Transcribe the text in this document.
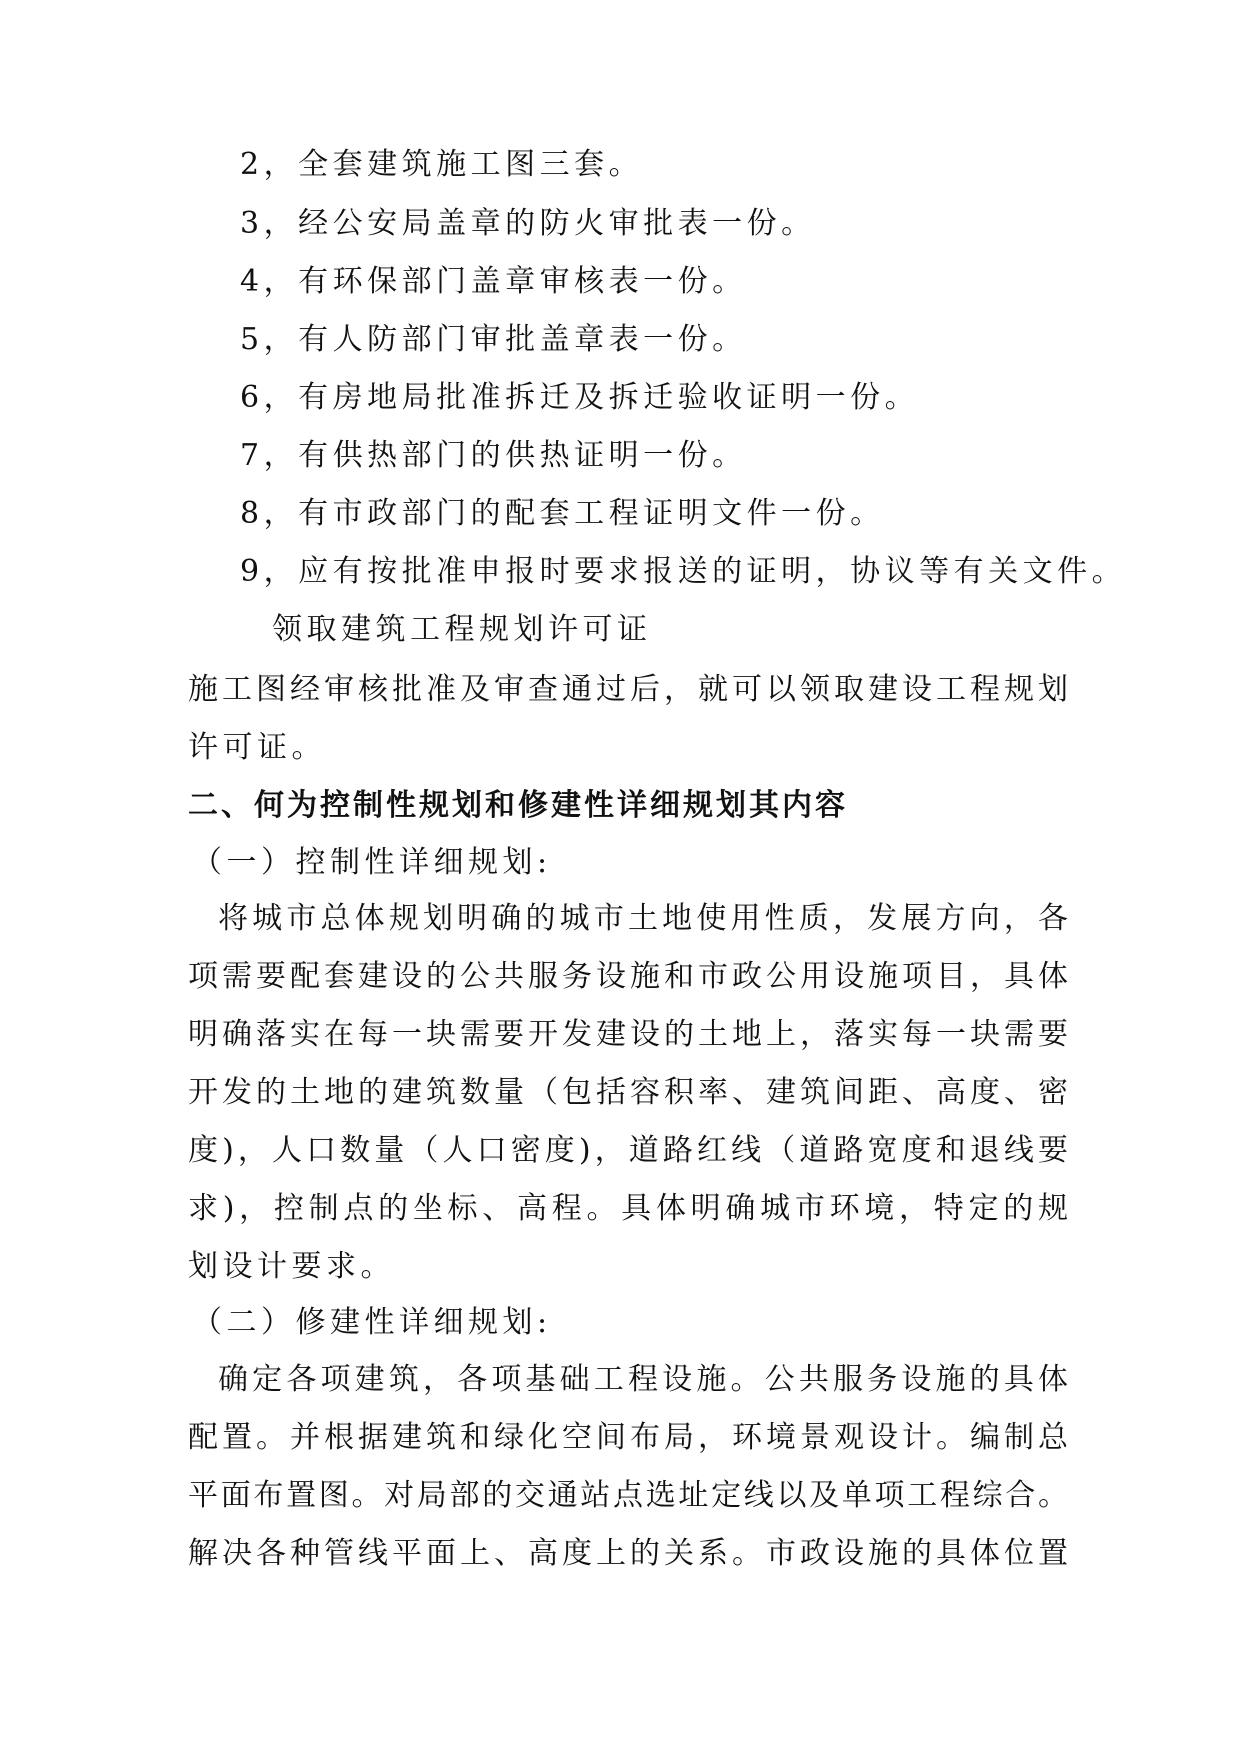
2，全套建筑施工图三套。
3，经公安局盖章的防火审批表一份。
4，有环保部门盖章审核表一份。
5，有人防部门审批盖章表一份。
6，有房地局批准拆迁及拆迁验收证明一份。
7，有供热部门的供热证明一份。
8，有市政部门的配套工程证明文件一份。
9，应有按批准申报时要求报送的证明，协议等有关文件。
领取建筑工程规划许可证
施工图经审核批准及审查通过后，就可以领取建设工程规划
许可证。
二、何为控制性规划和修建性详细规划其内容
（一）控制性详细规划:
将城市总体规划明确的城市土地使用性质，发展方向，各
项需要配套建设的公共服务设施和市政公用设施项目，具体
明确落实在每一块需要开发建设的土地上，落实每一块需要
开发的土地的建筑数量（包括容积率、建筑间距、高度、密
度)，人口数量（人口密度)，道路红线（道路宽度和退线要
求)，控制点的坐标、高程。具体明确城市环境，特定的规
划设计要求。
（二）修建性详细规划:
确定各项建筑，各项基础工程设施。公共服务设施的具体
配置。并根据建筑和绿化空间布局，环境景观设计。编制总
平面布置图。对局部的交通站点选址定线以及单项工程综合。
解决各种管线平面上、高度上的关系。市政设施的具体位置
